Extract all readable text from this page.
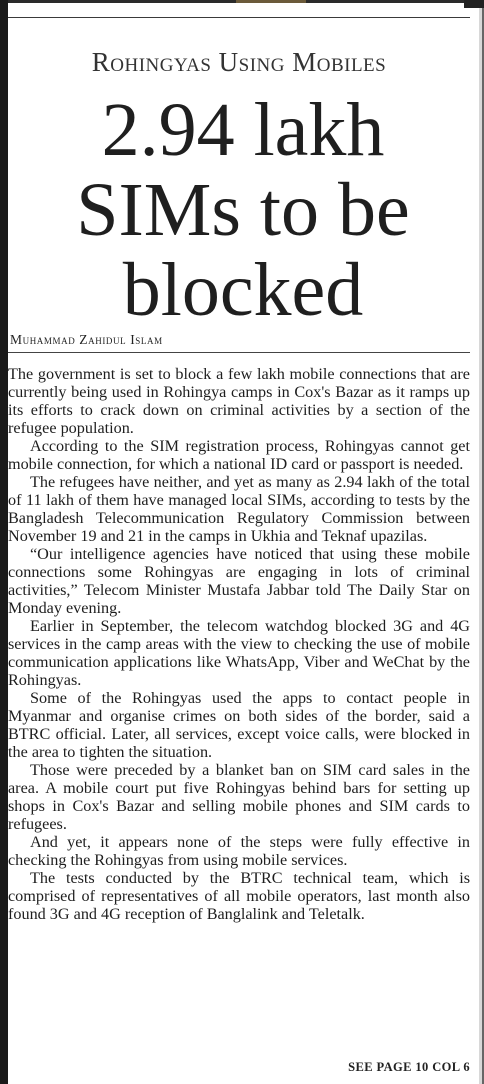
Rohingyas Using Mobiles
2.94 lakh
SIMs to be
blocked
Muhammad Zahidul Islam

The government is set to block a few lakh mobile connections that are currently being used in Rohingya camps in Cox's Bazar as it ramps up its efforts to crack down on criminal activities by a section of the refugee population.

According to the SIM registration process, Rohingyas cannot get mobile connection, for which a national ID card or passport is needed.

The refugees have neither, and yet as many as 2.94 lakh of the total of 11 lakh of them have managed local SIMs, according to tests by the Bangladesh Telecommunication Regulatory Commission between November 19 and 21 in the camps in Ukhia and Teknaf upazilas.

“Our intelligence agencies have noticed that using these mobile connections some Rohingyas are engaging in lots of criminal activities,” Telecom Minister Mustafa Jabbar told The Daily Star on Monday evening.

Earlier in September, the telecom watchdog blocked 3G and 4G services in the camp areas with the view to checking the use of mobile communication applications like WhatsApp, Viber and WeChat by the Rohingyas.

Some of the Rohingyas used the apps to contact people in Myanmar and organise crimes on both sides of the border, said a BTRC official. Later, all services, except voice calls, were blocked in the area to tighten the situation.

Those were preceded by a blanket ban on SIM card sales in the area. A mobile court put five Rohingyas behind bars for setting up shops in Cox's Bazar and selling mobile phones and SIM cards to refugees.

And yet, it appears none of the steps were fully effective in checking the Rohingyas from using mobile services.

The tests conducted by the BTRC technical team, which is comprised of representatives of all mobile operators, last month also found 3G and 4G reception of Banglalink and Teletalk.

SEE PAGE 10 COL 6
